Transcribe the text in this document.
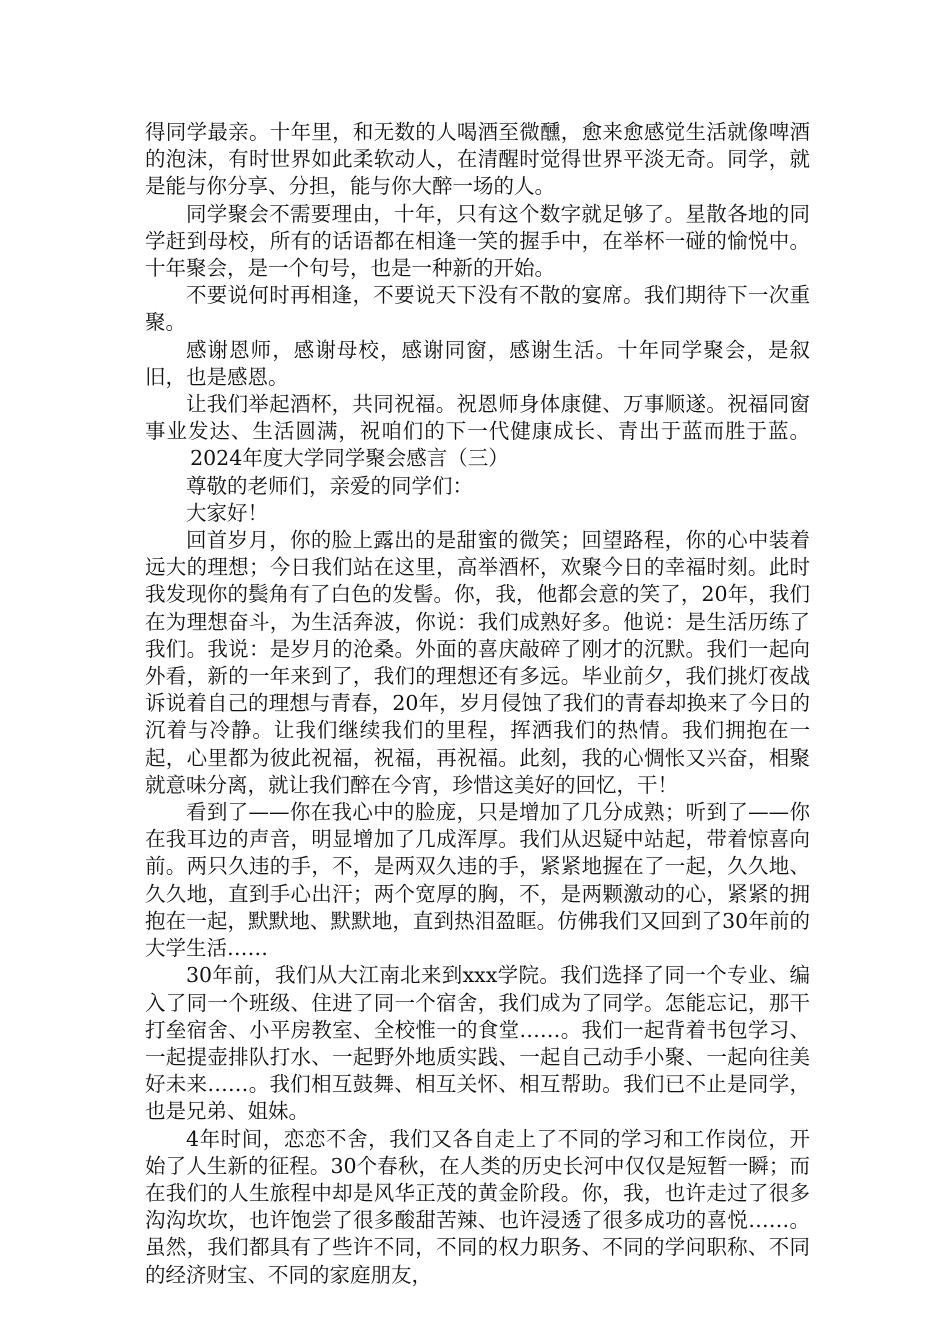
得同学最亲。十年里，和无数的人喝酒至微醺，愈来愈感觉生活就像啤酒的泡沫，有时世界如此柔软动人，在清醒时觉得世界平淡无奇。同学，就是能与你分享、分担，能与你大醉一场的人。

同学聚会不需要理由，十年，只有这个数字就足够了。星散各地的同学赶到母校，所有的话语都在相逢一笑的握手中，在举杯一碰的愉悦中。十年聚会，是一个句号，也是一种新的开始。

不要说何时再相逢，不要说天下没有不散的宴席。我们期待下一次重聚。

感谢恩师，感谢母校，感谢同窗，感谢生活。十年同学聚会，是叙旧，也是感恩。

让我们举起酒杯，共同祝福。祝恩师身体康健、万事顺遂。祝福同窗事业发达、生活圆满，祝咱们的下一代健康成长、青出于蓝而胜于蓝。2024年度大学同学聚会感言（三）

尊敬的老师们，亲爱的同学们：

大家好！

回首岁月，你的脸上露出的是甜蜜的微笑；回望路程，你的心中装着远大的理想；今日我们站在这里，高举酒杯，欢聚今日的幸福时刻。此时我发现你的鬓角有了白色的发髻。你，我，他都会意的笑了，20年，我们在为理想奋斗，为生活奔波，你说：我们成熟好多。他说：是生活历练了我们。我说：是岁月的沧桑。外面的喜庆敲碎了刚才的沉默。我们一起向外看，新的一年来到了，我们的理想还有多远。毕业前夕，我们挑灯夜战诉说着自己的理想与青春，20年，岁月侵蚀了我们的青春却换来了今日的沉着与冷静。让我们继续我们的里程，挥洒我们的热情。我们拥抱在一起，心里都为彼此祝福，祝福，再祝福。此刻，我的心惆怅又兴奋，相聚就意味分离，就让我们醉在今宵，珍惜这美好的回忆，干！

看到了——你在我心中的脸庞，只是增加了几分成熟；听到了——你在我耳边的声音，明显增加了几成浑厚。我们从迟疑中站起，带着惊喜向前。两只久违的手，不，是两双久违的手，紧紧地握在了一起，久久地、久久地，直到手心出汗；两个宽厚的胸，不，是两颗激动的心，紧紧的拥抱在一起，默默地、默默地，直到热泪盈眶。仿佛我们又回到了30年前的大学生活……

30年前，我们从大江南北来到xxx学院。我们选择了同一个专业、编入了同一个班级、住进了同一个宿舍，我们成为了同学。怎能忘记，那干打垒宿舍、小平房教室、全校惟一的食堂……。我们一起背着书包学习、一起提壶排队打水、一起野外地质实践、一起自己动手小聚、一起向往美好未来……。我们相互鼓舞、相互关怀、相互帮助。我们已不止是同学，也是兄弟、姐妹。

4年时间，恋恋不舍，我们又各自走上了不同的学习和工作岗位，开始了人生新的征程。30个春秋，在人类的历史长河中仅仅是短暂一瞬；而在我们的人生旅程中却是风华正茂的黄金阶段。你，我，也许走过了很多沟沟坎坎，也许饱尝了很多酸甜苦辣、也许浸透了很多成功的喜悦……。虽然，我们都具有了些许不同，不同的权力职务、不同的学问职称、不同的经济财宝、不同的家庭朋友，
